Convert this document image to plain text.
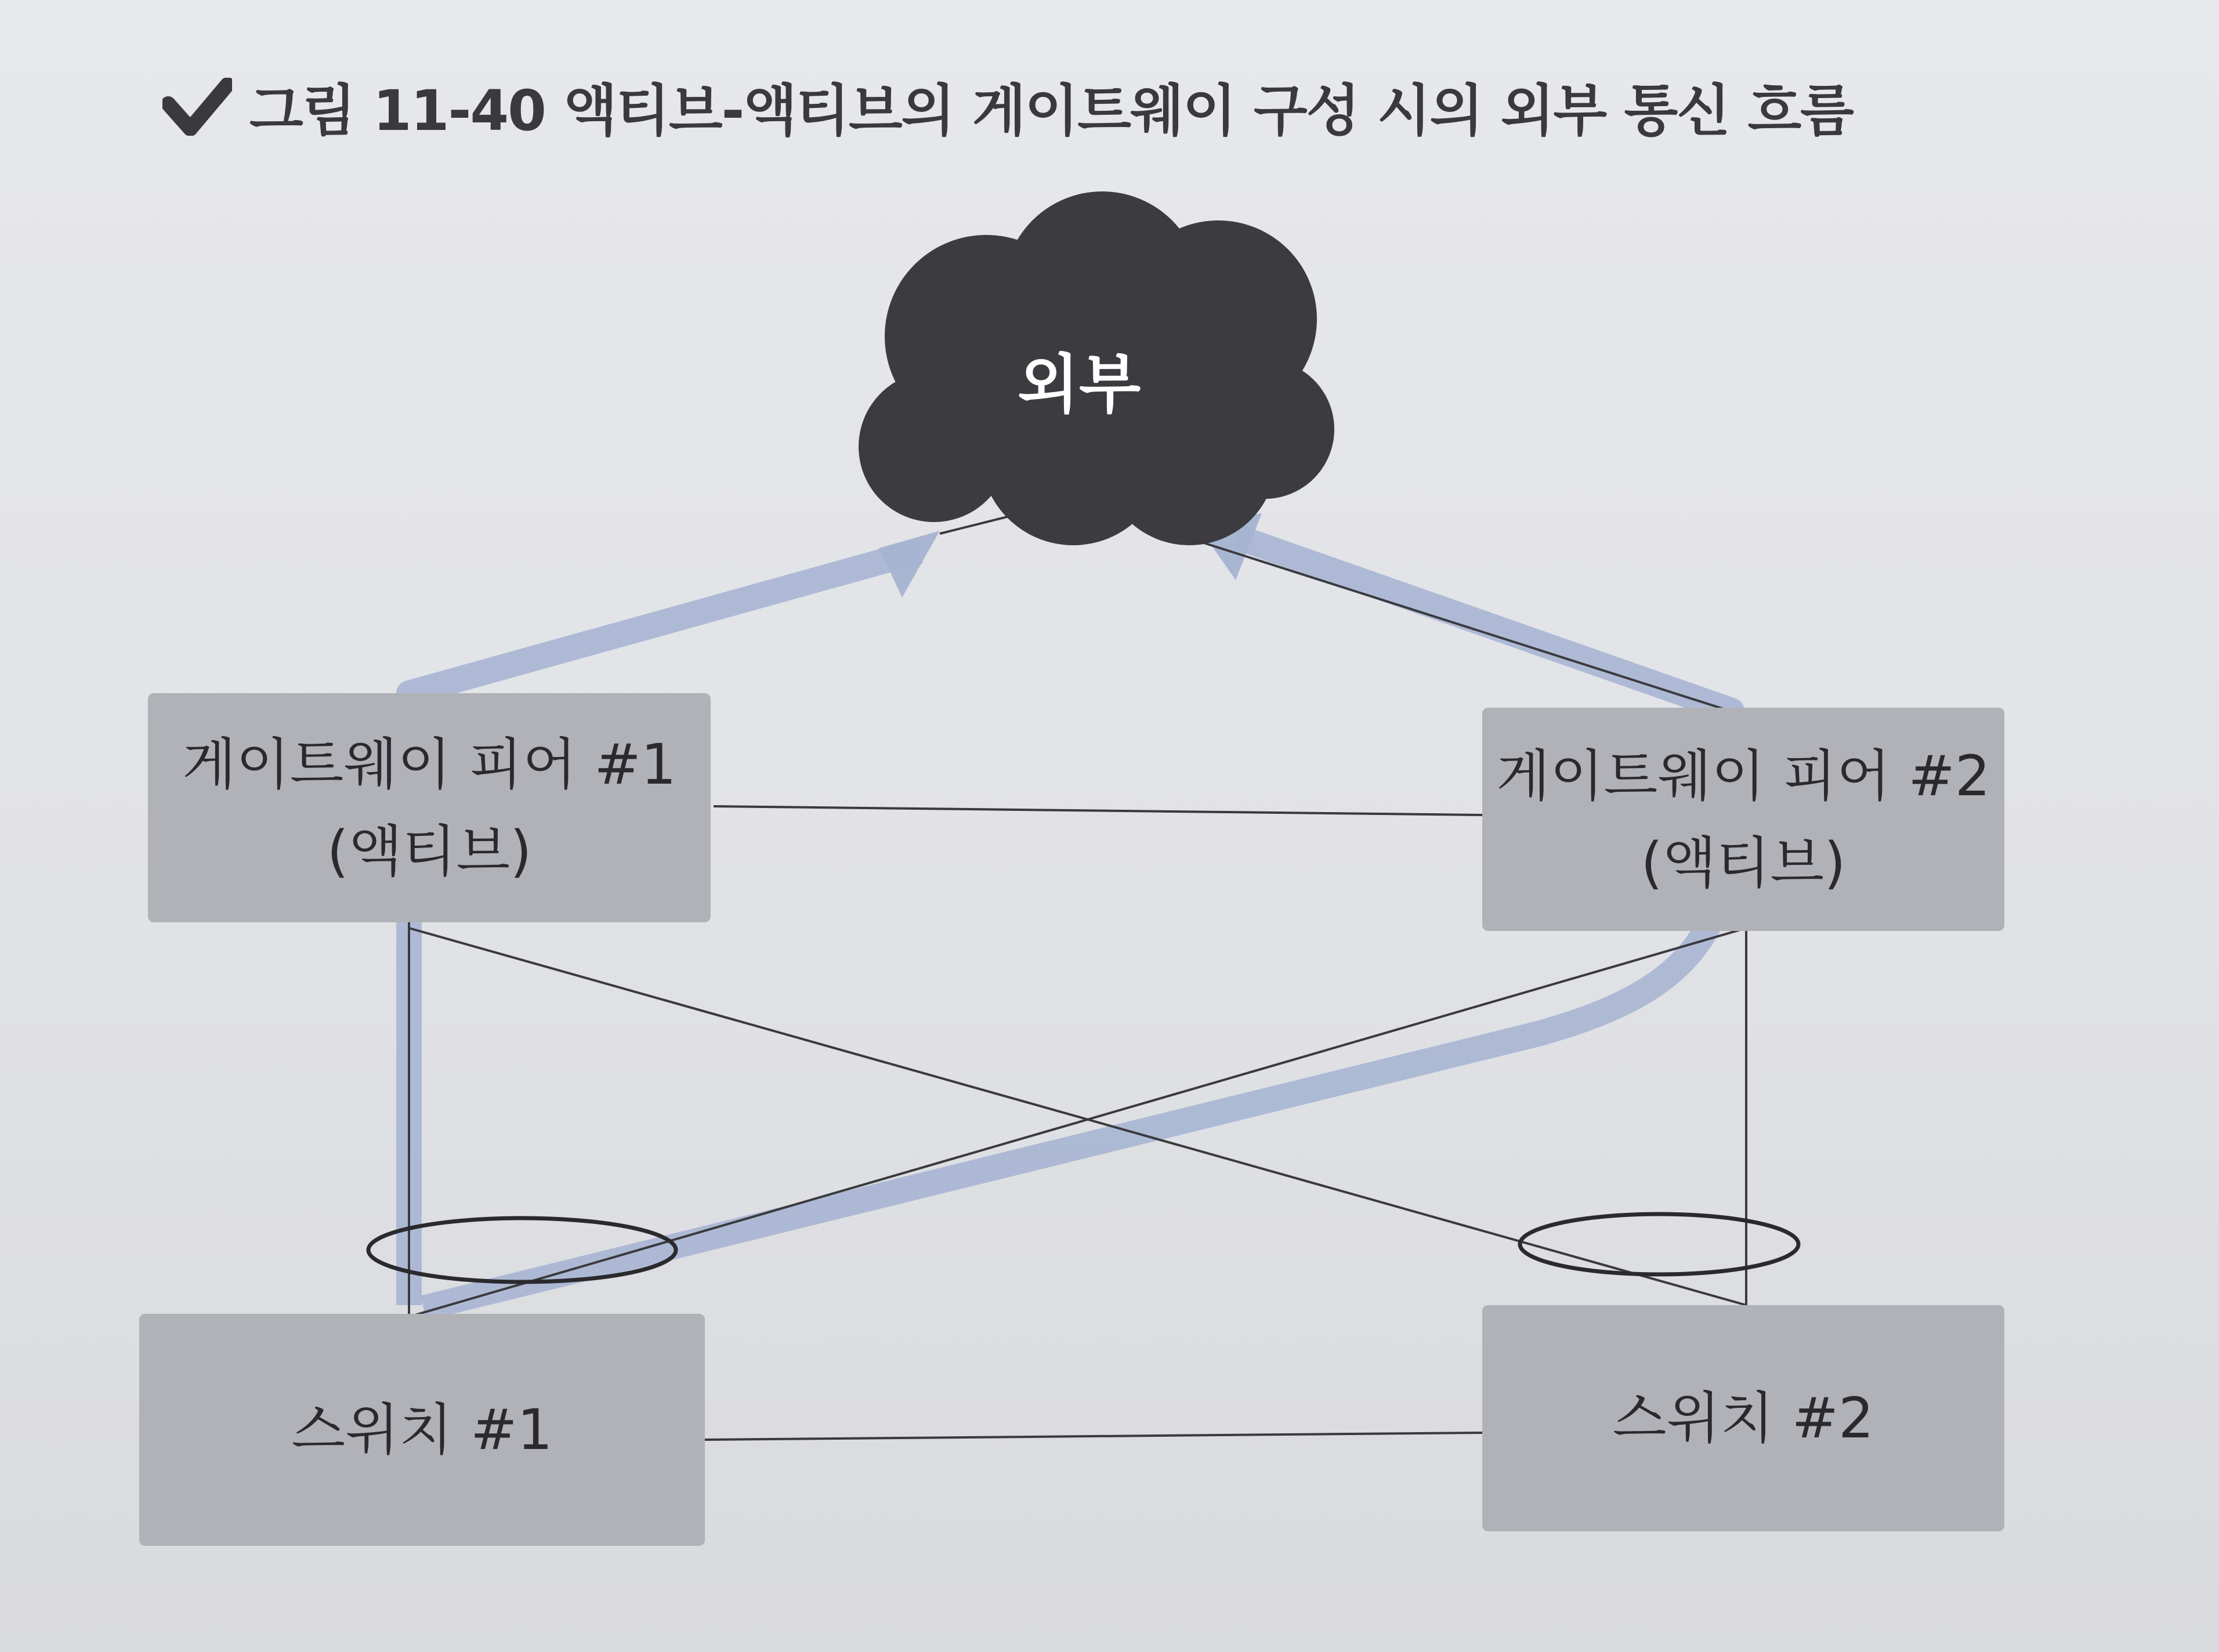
그림 11-40 액티브-액티브의 게이트웨이 구성 시의 외부 통신 흐름
외부
게이트웨이 피어 #1
(액티브)
게이트웨이 피어 #2
(액티브)
스위치 #1	스위치 #2
